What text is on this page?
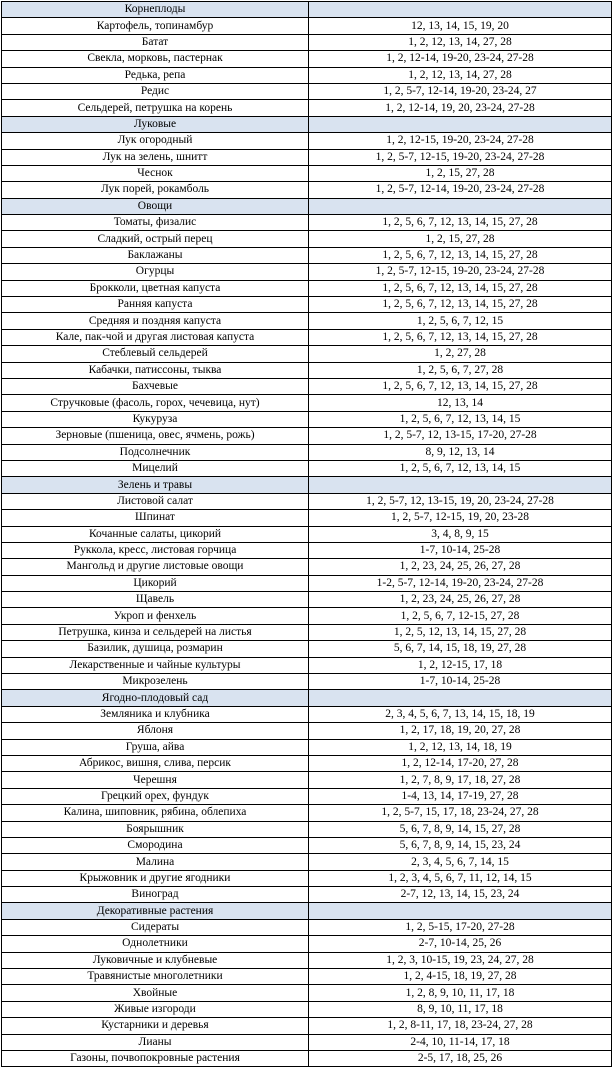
Корнеплоды	
Картофель, топинамбур	12, 13, 14, 15, 19, 20
Батат	1, 2, 12, 13, 14, 27, 28
Свекла, морковь, пастернак	1, 2, 12-14, 19-20, 23-24, 27-28
Редька, репа	1, 2, 12, 13, 14, 27, 28
Редис	1, 2, 5-7, 12-14, 19-20, 23-24, 27
Сельдерей, петрушка на корень	1, 2, 12-14, 19, 20, 23-24, 27-28
Луковые	
Лук огородный	1, 2, 12-15, 19-20, 23-24, 27-28
Лук на зелень, шнитт	1, 2, 5-7, 12-15, 19-20, 23-24, 27-28
Чеснок	1, 2, 15, 27, 28
Лук порей, рокамболь	1, 2, 5-7, 12-14, 19-20, 23-24, 27-28
Овощи	
Томаты, физалис	1, 2, 5, 6, 7, 12, 13, 14, 15, 27, 28
Сладкий, острый перец	1, 2, 15, 27, 28
Баклажаны	1, 2, 5, 6, 7, 12, 13, 14, 15, 27, 28
Огурцы	1, 2, 5-7, 12-15, 19-20, 23-24, 27-28
Брокколи, цветная капуста	1, 2, 5, 6, 7, 12, 13, 14, 15, 27, 28
Ранняя капуста	1, 2, 5, 6, 7, 12, 13, 14, 15, 27, 28
Средняя и поздняя капуста	1, 2, 5, 6, 7, 12, 15
Кале, пак-чой и другая листовая капуста	1, 2, 5, 6, 7, 12, 13, 14, 15, 27, 28
Стеблевый сельдерей	1, 2, 27, 28
Кабачки, патиссоны, тыква	1, 2, 5, 6, 7, 27, 28
Бахчевые	1, 2, 5, 6, 7, 12, 13, 14, 15, 27, 28
Стручковые (фасоль, горох, чечевица, нут)	12, 13, 14
Кукуруза	1, 2, 5, 6, 7, 12, 13, 14, 15
Зерновые (пшеница, овес, ячмень, рожь)	1, 2, 5-7, 12, 13-15, 17-20, 27-28
Подсолнечник	8, 9, 12, 13, 14
Мицелий	1, 2, 5, 6, 7, 12, 13, 14, 15
Зелень и травы	
Листовой салат	1, 2, 5-7, 12, 13-15, 19, 20, 23-24, 27-28
Шпинат	1, 2, 5-7, 12-15, 19, 20, 23-28
Кочанные салаты, цикорий	3, 4, 8, 9, 15
Руккола, кресс, листовая горчица	1-7, 10-14, 25-28
Мангольд и другие листовые овощи	1, 2, 23, 24, 25, 26, 27, 28
Цикорий	1-2, 5-7, 12-14, 19-20, 23-24, 27-28
Щавель	1, 2, 23, 24, 25, 26, 27, 28
Укроп и фенхель	1, 2, 5, 6, 7, 12-15, 27, 28
Петрушка, кинза и сельдерей на листья	1, 2, 5, 12, 13, 14, 15, 27, 28
Базилик, душица, розмарин	5, 6, 7, 14, 15, 18, 19, 27, 28
Лекарственные и чайные культуры	1, 2, 12-15, 17, 18
Микрозелень	1-7, 10-14, 25-28
Ягодно-плодовый сад	
Земляника и клубника	2, 3, 4, 5, 6, 7, 13, 14, 15, 18, 19
Яблоня	1, 2, 17, 18, 19, 20, 27, 28
Груша, айва	1, 2, 12, 13, 14, 18, 19
Абрикос, вишня, слива, персик	1, 2, 12-14, 17-20, 27, 28
Черешня	1, 2, 7, 8, 9, 17, 18, 27, 28
Грецкий орех, фундук	1-4, 13, 14, 17-19, 27, 28
Калина, шиповник, рябина, облепиха	1, 2, 5-7, 15, 17, 18, 23-24, 27, 28
Боярышник	5, 6, 7, 8, 9, 14, 15, 27, 28
Смородина	5, 6, 7, 8, 9, 14, 15, 23, 24
Малина	2, 3, 4, 5, 6, 7, 14, 15
Крыжовник и другие ягодники	1, 2, 3, 4, 5, 6, 7, 11, 12, 14, 15
Виноград	2-7, 12, 13, 14, 15, 23, 24
Декоративные растения	
Сидераты	1, 2, 5-15, 17-20, 27-28
Однолетники	2-7, 10-14, 25, 26
Луковичные и клубневые	1, 2, 3, 10-15, 19, 23, 24, 27, 28
Травянистые многолетники	1, 2, 4-15, 18, 19, 27, 28
Хвойные	1, 2, 8, 9, 10, 11, 17, 18
Живые изгороди	8, 9, 10, 11, 17, 18
Кустарники и деревья	1, 2, 8-11, 17, 18, 23-24, 27, 28
Лианы	2-4, 10, 11-14, 17, 18
Газоны, почвопокровные растения	2-5, 17, 18, 25, 26
